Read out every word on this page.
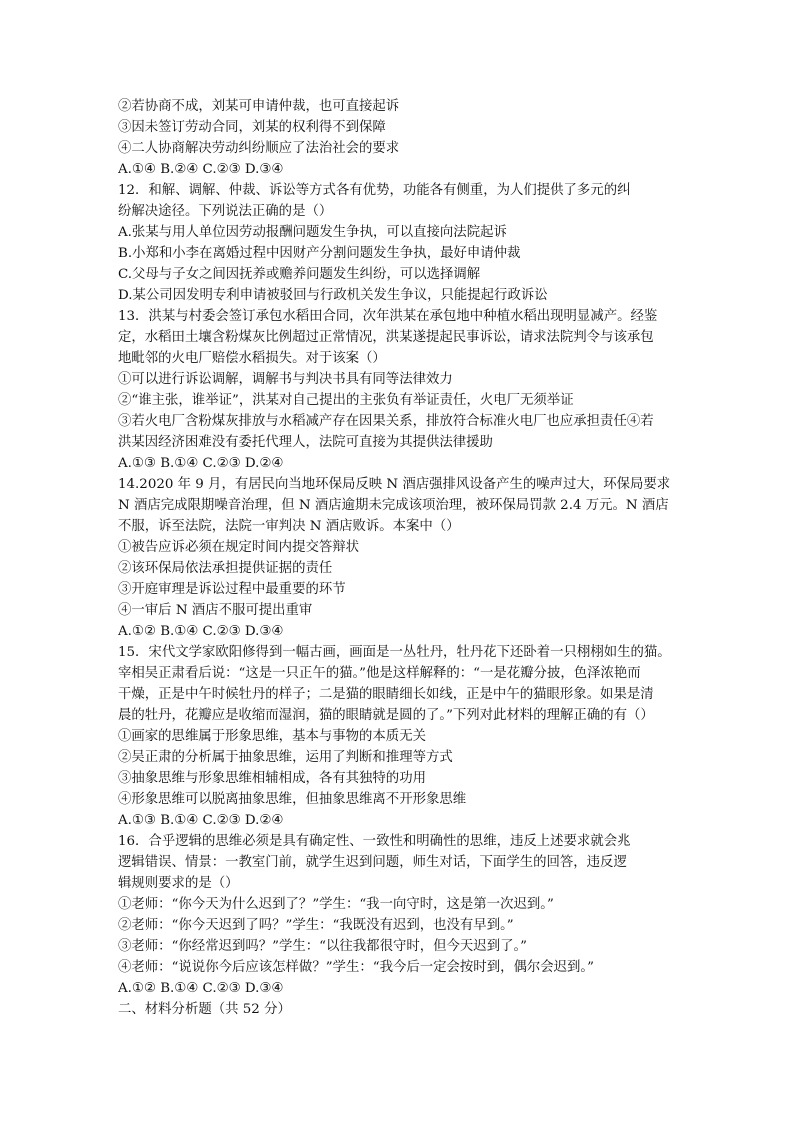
②若协商不成，刘某可申请仲裁，也可直接起诉
③因未签订劳动合同，刘某的权利得不到保障
④二人协商解决劳动纠纷顺应了法治社会的要求
A.①④ B.②④ C.②③ D.③④
12．和解、调解、仲裁、诉讼等方式各有优势，功能各有侧重，为人们提供了多元的纠
纷解决途径。下列说法正确的是（）
A.张某与用人单位因劳动报酬问题发生争执，可以直接向法院起诉
B.小郑和小李在离婚过程中因财产分割问题发生争执，最好申请仲裁
C.父母与子女之间因抚养或赡养问题发生纠纷，可以选择调解
D.某公司因发明专利申请被驳回与行政机关发生争议，只能提起行政诉讼
13．洪某与村委会签订承包水稻田合同，次年洪某在承包地中种植水稻出现明显减产。经鉴
定，水稻田土壤含粉煤灰比例超过正常情况，洪某遂提起民事诉讼，请求法院判令与该承包
地毗邻的火电厂赔偿水稻损失。对于该案（）
①可以进行诉讼调解，调解书与判决书具有同等法律效力
②“谁主张，谁举证”，洪某对自己提出的主张负有举证责任，火电厂无须举证
③若火电厂含粉煤灰排放与水稻减产存在因果关系，排放符合标准火电厂也应承担责任④若
洪某因经济困难没有委托代理人，法院可直接为其提供法律援助
A.①③ B.①④ C.②③ D.②④
14.2020 年 9 月，有居民向当地环保局反映 N 酒店强排风设备产生的噪声过大，环保局要求
N 酒店完成限期噪音治理，但 N 酒店逾期未完成该项治理，被环保局罚款 2.4 万元。N 酒店
不服，诉至法院，法院一审判决 N 酒店败诉。本案中（）
①被告应诉必须在规定时间内提交答辩状
②该环保局依法承担提供证据的责任
③开庭审理是诉讼过程中最重要的环节
④一审后 N 酒店不服可提出重审
A.①② B.①④ C.②③ D.③④
15．宋代文学家欧阳修得到一幅古画，画面是一丛牡丹，牡丹花下还卧着一只栩栩如生的猫。
宰相吴正肃看后说：“这是一只正午的猫。”他是这样解释的：“一是花瓣分披，色泽浓艳而
干燥，正是中午时候牡丹的样子；二是猫的眼睛细长如线，正是中午的猫眼形象。如果是清
晨的牡丹，花瓣应是收缩而湿润，猫的眼睛就是圆的了。”下列对此材料的理解正确的有（）
①画家的思维属于形象思维，基本与事物的本质无关
②吴正肃的分析属于抽象思维，运用了判断和推理等方式
③抽象思维与形象思维相辅相成，各有其独特的功用
④形象思维可以脱离抽象思维，但抽象思维离不开形象思维
A.①③ B.①④ C.②③ D.②④
16．合乎逻辑的思维必须是具有确定性、一致性和明确性的思维，违反上述要求就会兆
逻辑错误、情景：一教室门前，就学生迟到问题，师生对话，下面学生的回答，违反逻
辑规则要求的是（）
①老师：“你今天为什么迟到了？”学生：“我一向守时，这是第一次迟到。”
②老师：“你今天迟到了吗？”学生：“我既没有迟到，也没有早到。”
③老师：“你经常迟到吗？”学生：“以往我都很守时，但今天迟到了。”
④老师：“说说你今后应该怎样做？”学生：“我今后一定会按时到，偶尔会迟到。”
A.①② B.①④ C.②③ D.③④
二、材料分析题（共 52 分）
